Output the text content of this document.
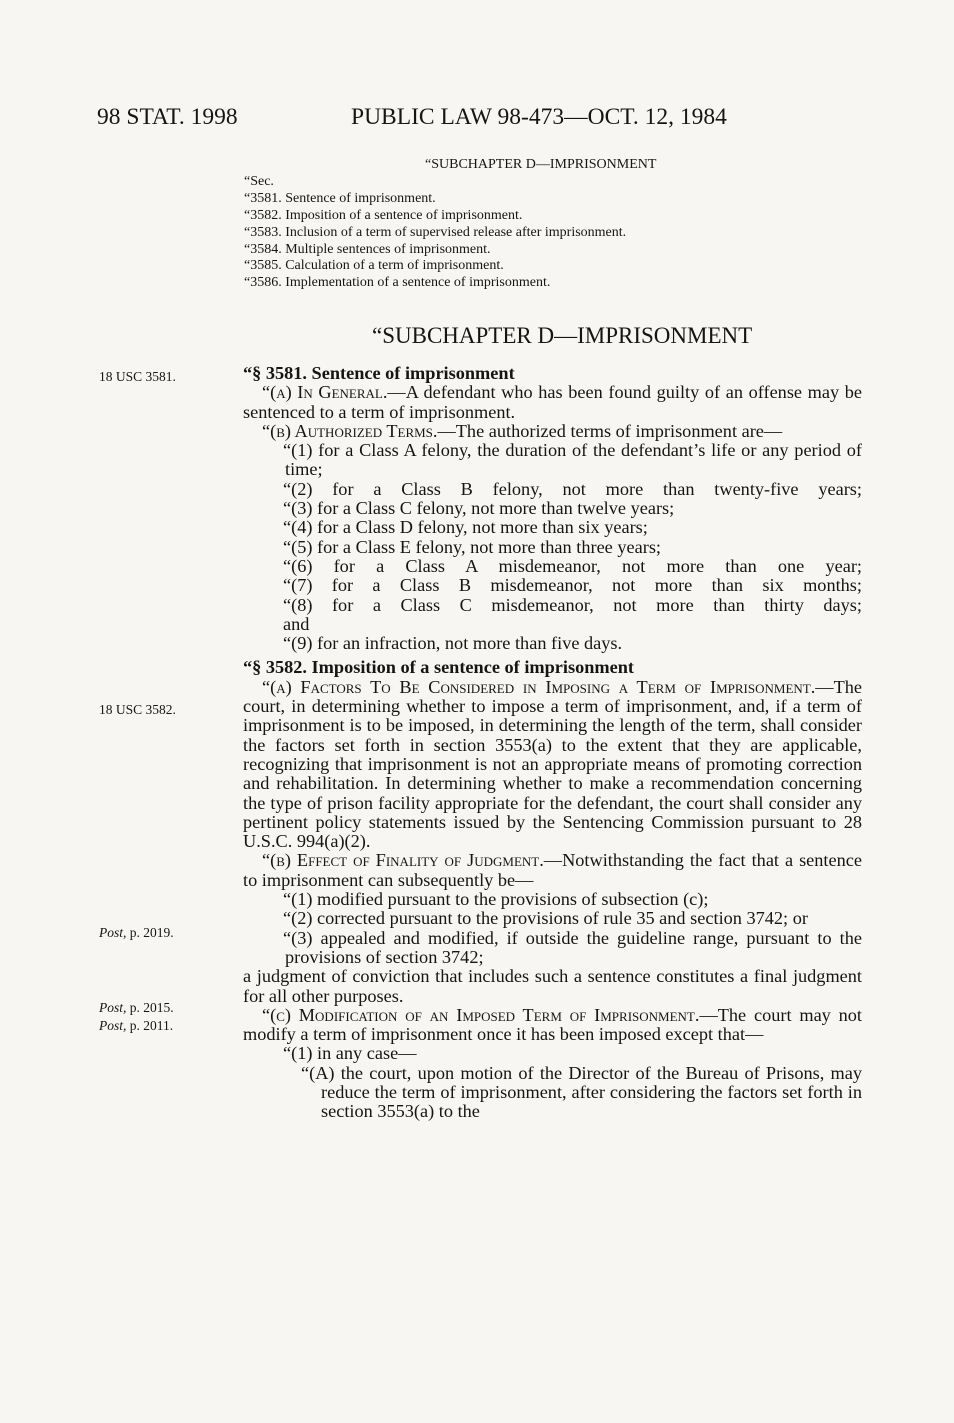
98 STAT. 1998	PUBLIC LAW 98-473—OCT. 12, 1984
“SUBCHAPTER D—IMPRISONMENT
“Sec.
“3581. Sentence of imprisonment.
“3582. Imposition of a sentence of imprisonment.
“3583. Inclusion of a term of supervised release after imprisonment.
“3584. Multiple sentences of imprisonment.
“3585. Calculation of a term of imprisonment.
“3586. Implementation of a sentence of imprisonment.
“SUBCHAPTER D—IMPRISONMENT
18 USC 3581.
18 USC 3582.
Post, p. 2019.
Post, p. 2015.
Post, p. 2011.
“§ 3581. Sentence of imprisonment
“(a) In General.—A defendant who has been found guilty of an offense may be sentenced to a term of imprisonment.
“(b) Authorized Terms.—The authorized terms of imprisonment are—
“(1) for a Class A felony, the duration of the defendant’s life or any period of time;
“(2) for a Class B felony, not more than twenty-five years;
“(3) for a Class C felony, not more than twelve years;
“(4) for a Class D felony, not more than six years;
“(5) for a Class E felony, not more than three years;
“(6) for a Class A misdemeanor, not more than one year;
“(7) for a Class B misdemeanor, not more than six months;
“(8) for a Class C misdemeanor, not more than thirty days;
and
“(9) for an infraction, not more than five days.
“§ 3582. Imposition of a sentence of imprisonment
“(a) Factors To Be Considered in Imposing a Term of Imprisonment.—The court, in determining whether to impose a term of imprisonment, and, if a term of imprisonment is to be imposed, in determining the length of the term, shall consider the factors set forth in section 3553(a) to the extent that they are applicable, recognizing that imprisonment is not an appropriate means of promoting correction and rehabilitation. In determining whether to make a recommendation concerning the type of prison facility appropriate for the defendant, the court shall consider any pertinent policy statements issued by the Sentencing Commission pursuant to 28 U.S.C. 994(a)(2).
“(b) Effect of Finality of Judgment.—Notwithstanding the fact that a sentence to imprisonment can subsequently be—
“(1) modified pursuant to the provisions of subsection (c);
“(2) corrected pursuant to the provisions of rule 35 and section 3742; or
“(3) appealed and modified, if outside the guideline range, pursuant to the provisions of section 3742;
a judgment of conviction that includes such a sentence constitutes a final judgment for all other purposes.
“(c) Modification of an Imposed Term of Imprisonment.—The court may not modify a term of imprisonment once it has been imposed except that—
“(1) in any case—
“(A) the court, upon motion of the Director of the Bureau of Prisons, may reduce the term of imprisonment, after considering the factors set forth in section 3553(a) to the
